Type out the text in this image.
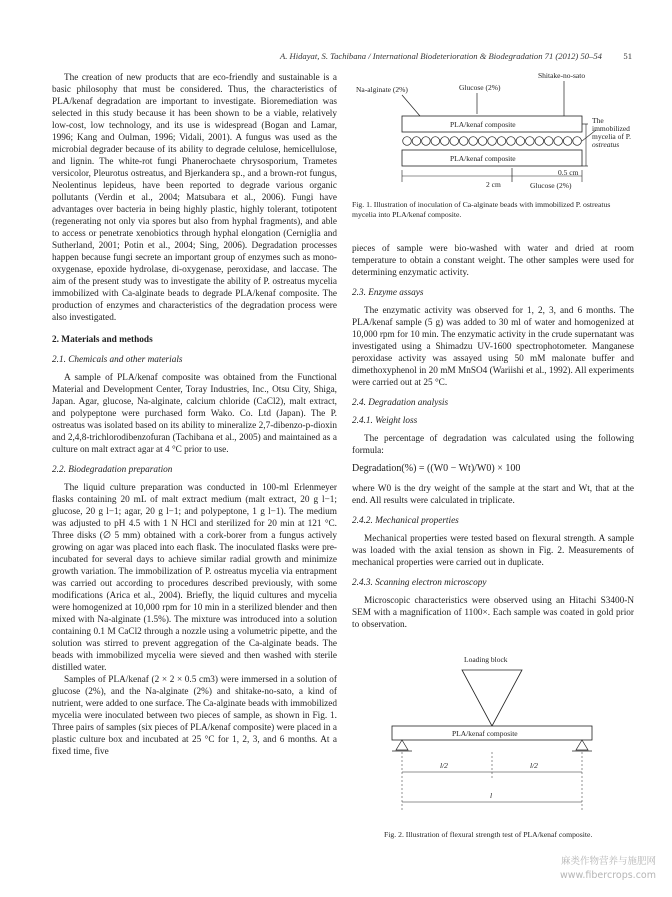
A. Hidayat, S. Tachibana / International Biodeterioration & Biodegradation 71 (2012) 50–54 51

The creation of new products that are eco-friendly and sustainable is a basic philosophy that must be considered. Thus, the characteristics of PLA/kenaf degradation are important to investigate. Bioremediation was selected in this study because it has been shown to be a viable, relatively low-cost, low technology, and its use is widespread (Bogan and Lamar, 1996; Kang and Oulman, 1996; Vidali, 2001). A fungus was used as the microbial degrader because of its ability to degrade celulose, hemicellulose, and lignin. The white-rot fungi Phanerochaete chrysosporium, Trametes versicolor, Pleurotus ostreatus, and Bjerkandera sp., and a brown-rot fungus, Neolentinus lepideus, have been reported to degrade various organic pollutants (Verdin et al., 2004; Matsubara et al., 2006). Fungi have advantages over bacteria in being highly plastic, highly tolerant, totipotent (regenerating not only via spores but also from hyphal fragments), and able to access or penetrate xenobiotics through hyphal elongation (Cerniglia and Sutherland, 2001; Potin et al., 2004; Sing, 2006). Degradation processes happen because fungi secrete an important group of enzymes such as mono-oxygenase, epoxide hydrolase, di-oxygenase, peroxidase, and laccase. The aim of the present study was to investigate the ability of P. ostreatus mycelia immobilized with Ca-alginate beads to degrade PLA/kenaf composite. The production of enzymes and characteristics of the degradation process were also investigated.

2. Materials and methods
2.1. Chemicals and other materials

A sample of PLA/kenaf composite was obtained from the Functional Material and Development Center, Toray Industries, Inc., Otsu City, Shiga, Japan. Agar, glucose, Na-alginate, calcium chloride (CaCl2), malt extract, and polypeptone were purchased form Wako. Co. Ltd (Japan). The P. ostreatus was isolated based on its ability to mineralize 2,7-dibenzo-p-dioxin and 2,4,8-trichlorodibenzofuran (Tachibana et al., 2005) and maintained as a culture on malt extract agar at 4 °C prior to use.

2.2. Biodegradation preparation

The liquid culture preparation was conducted in 100-ml Erlenmeyer flasks containing 20 mL of malt extract medium (malt extract, 20 g l−1; glucose, 20 g l−1; agar, 20 g l−1; and polypeptone, 1 g l−1). The medium was adjusted to pH 4.5 with 1 N HCl and sterilized for 20 min at 121 °C. Three disks (∅ 5 mm) obtained with a cork-borer from a fungus actively growing on agar was placed into each flask. The inoculated flasks were pre-incubated for several days to achieve similar radial growth and minimize growth variation. The immobilization of P. ostreatus mycelia via entrapment was carried out according to procedures described previously, with some modifications (Arica et al., 2004). Briefly, the liquid cultures and mycelia were homogenized at 10,000 rpm for 10 min in a sterilized blender and then mixed with Na-alginate (1.5%). The mixture was introduced into a solution containing 0.1 M CaCl2 through a nozzle using a volumetric pipette, and the solution was stirred to prevent aggregation of the Ca-alginate beads. The beads with immobilized mycelia were sieved and then washed with sterile distilled water.

Samples of PLA/kenaf (2 × 2 × 0.5 cm3) were immersed in a solution of glucose (2%), and the Na-alginate (2%) and shitake-no-sato, a kind of nutrient, were added to one surface. The Ca-alginate beads with immobilized mycelia were inoculated between two pieces of sample, as shown in Fig. 1. Three pairs of samples (six pieces of PLA/kenaf composite) were placed in a plastic culture box and incubated at 25 °C for 1, 2, 3, and 6 months. At a fixed time, five

Na-alginate (2%)	Glucose (2%)
Shitake-no-sato
PLA/kenaf composite
PLA/kenaf composite
0.5 cm
The
immobilized
mycelia of P.
ostreatus
2 cm	Glucose (2%)
Fig. 1. Illustration of inoculation of Ca-alginate beads with immobilized P. ostreatus mycelia into PLA/kenaf composite.

pieces of sample were bio-washed with water and dried at room temperature to obtain a constant weight. The other samples were used for determining enzymatic activity.

2.3. Enzyme assays

The enzymatic activity was observed for 1, 2, 3, and 6 months. The PLA/kenaf sample (5 g) was added to 30 ml of water and homogenized at 10,000 rpm for 10 min. The enzymatic activity in the crude supernatant was investigated using a Shimadzu UV-1600 spectrophotometer. Manganese peroxidase activity was assayed using 50 mM malonate buffer and dimethoxyphenol in 20 mM MnSO4 (Wariishi et al., 1992). All experiments were carried out at 25 °C.

2.4. Degradation analysis
2.4.1. Weight loss

The percentage of degradation was calculated using the following formula:

Degradation(%) = ((W0 − Wt)/W0) × 100

where W0 is the dry weight of the sample at the start and Wt, that at the end. All results were calculated in triplicate.

2.4.2. Mechanical properties

Mechanical properties were tested based on flexural strength. A sample was loaded with the axial tension as shown in Fig. 2. Measurements of mechanical properties were carried out in duplicate.

2.4.3. Scanning electron microscopy

Microscopic characteristics were observed using an Hitachi S3400-N SEM with a magnification of 1100×. Each sample was coated in gold prior to observation.

Loading block
PLA/kenaf composite
l/2	l/2
l
Fig. 2. Illustration of flexural strength test of PLA/kenaf composite.
麻类作物营养与施肥网
www.fibercrops.com
